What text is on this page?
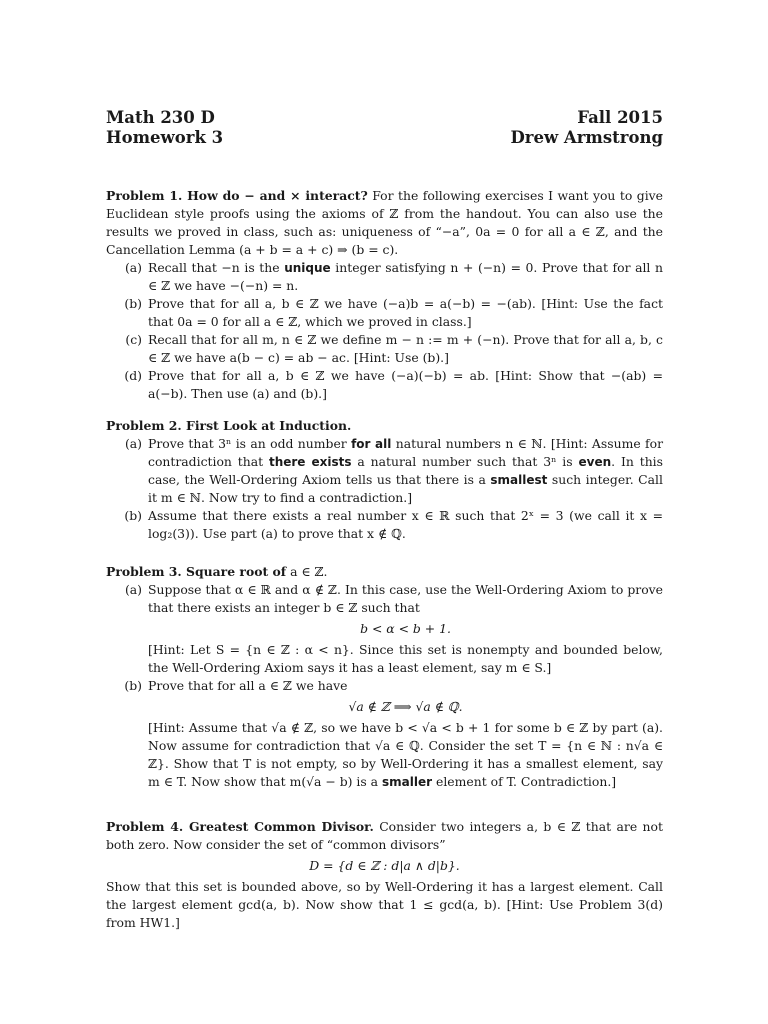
Math 230 D
Homework 3
Fall 2015
Drew Armstrong

Problem 1. How do − and × interact? For the following exercises I want you to give Euclidean style proofs using the axioms of ℤ from the handout. You can also use the results we proved in class, such as: uniqueness of “−a”, 0a = 0 for all a ∈ ℤ, and the Cancellation Lemma (a + b = a + c) ⇒ (b = c).

(a) Recall that −n is the unique integer satisfying n + (−n) = 0. Prove that for all n ∈ ℤ we have −(−n) = n.
(b) Prove that for all a, b ∈ ℤ we have (−a)b = a(−b) = −(ab). [Hint: Use the fact that 0a = 0 for all a ∈ ℤ, which we proved in class.]
(c) Recall that for all m, n ∈ ℤ we define m − n := m + (−n). Prove that for all a, b, c ∈ ℤ we have a(b − c) = ab − ac. [Hint: Use (b).]
(d) Prove that for all a, b ∈ ℤ we have (−a)(−b) = ab. [Hint: Show that −(ab) = a(−b). Then use (a) and (b).]

Problem 2. First Look at Induction.

(a) Prove that 3ⁿ is an odd number for all natural numbers n ∈ ℕ. [Hint: Assume for contradiction that there exists a natural number such that 3ⁿ is even. In this case, the Well-Ordering Axiom tells us that there is a smallest such integer. Call it m ∈ ℕ. Now try to find a contradiction.]
(b) Assume that there exists a real number x ∈ ℝ such that 2ˣ = 3 (we call it x = log₂(3)). Use part (a) to prove that x ∉ ℚ.

Problem 3. Square root of a ∈ ℤ.

(a) Suppose that α ∈ ℝ and α ∉ ℤ. In this case, use the Well-Ordering Axiom to prove that there exists an integer b ∈ ℤ such that
b < α < b + 1.
[Hint: Let S = {n ∈ ℤ : α < n}. Since this set is nonempty and bounded below, the Well-Ordering Axiom says it has a least element, say m ∈ S.]
(b) Prove that for all a ∈ ℤ we have
√a ∉ ℤ ⟹ √a ∉ ℚ.
[Hint: Assume that √a ∉ ℤ, so we have b < √a < b + 1 for some b ∈ ℤ by part (a). Now assume for contradiction that √a ∈ ℚ. Consider the set T = {n ∈ ℕ : n√a ∈ ℤ}. Show that T is not empty, so by Well-Ordering it has a smallest element, say m ∈ T. Now show that m(√a − b) is a smaller element of T. Contradiction.]

Problem 4. Greatest Common Divisor. Consider two integers a, b ∈ ℤ that are not both zero. Now consider the set of “common divisors”

D = {d ∈ ℤ : d|a ∧ d|b}.

Show that this set is bounded above, so by Well-Ordering it has a largest element. Call the largest element gcd(a, b). Now show that 1 ≤ gcd(a, b). [Hint: Use Problem 3(d) from HW1.]
